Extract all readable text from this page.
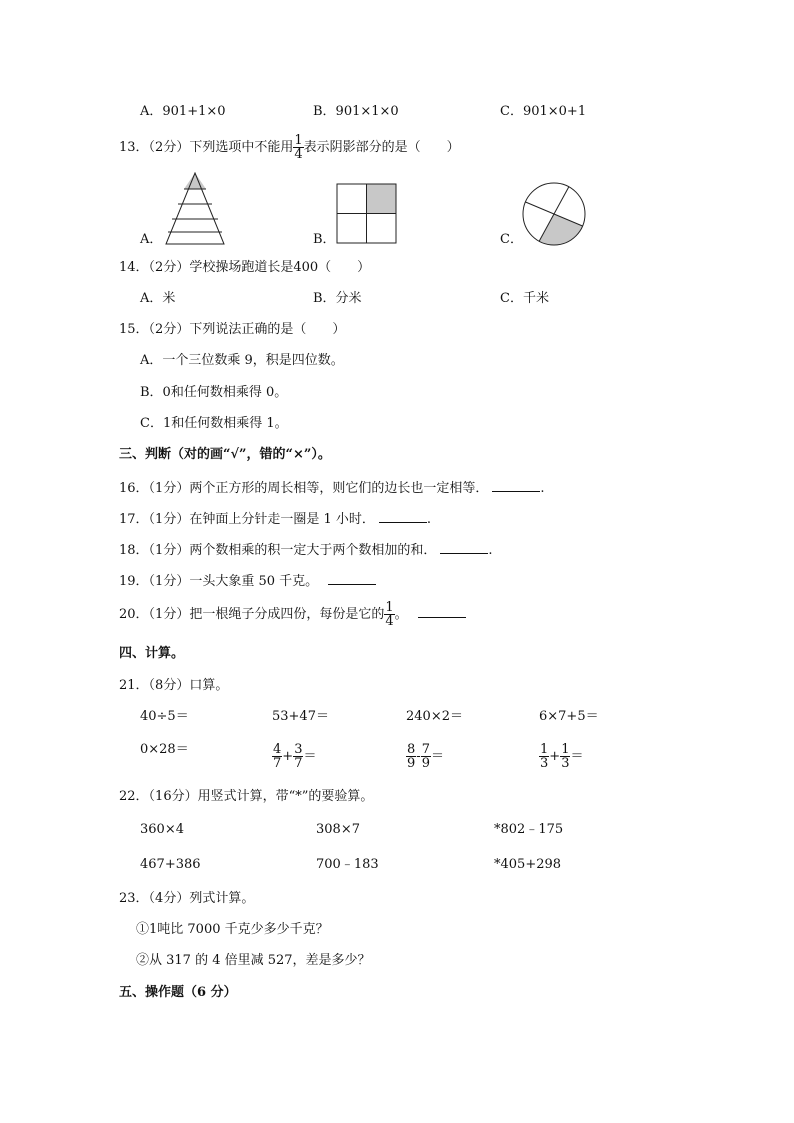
A．901+1×0	B．901×1×0	C．901×0+1
13．（2分）下列选项中不能用 $\frac{1}{4}$ 表示阴影部分的是（　　）
A．	B．	C．
14．（2分）学校操场跑道长是400（　　）
A．米	B．分米	C．千米
15．（2分）下列说法正确的是（　　）
A．一个三位数乘 9，积是四位数。
B．0和任何数相乘得 0。
C．1和任何数相乘得 1。
三、判断（对的画“√”，错的“×”）。
16．（1分）两个正方形的周长相等，则它们的边长也一定相等．	.
17．（1分）在钟面上分针走一圈是 1 小时．	.
18．（1分）两个数相乘的积一定大于两个数相加的和．	.
19．（1分）一头大象重 50 千克。
20．（1分）把一根绳子分成四份，每份是它的 $\frac{1}{4}$ 。
四、计算。
21．（8分）口算。
40÷5＝	53+47＝	240×2＝	6×7+5＝
0×28＝	$\frac{4}{7} + \frac{3}{7}$ ＝	$\frac{8}{9} - \frac{7}{9}$ ＝	$\frac{1}{3} + \frac{1}{3}$ ＝
22．（16分）用竖式计算，带“*”的要验算。
360×4	308×7	*802﹣175
467+386	700﹣183	*405+298
23．（4分）列式计算。
①1吨比 7000 千克少多少千克？
②从 317 的 4 倍里减 527，差是多少？
五、操作题（6 分）
